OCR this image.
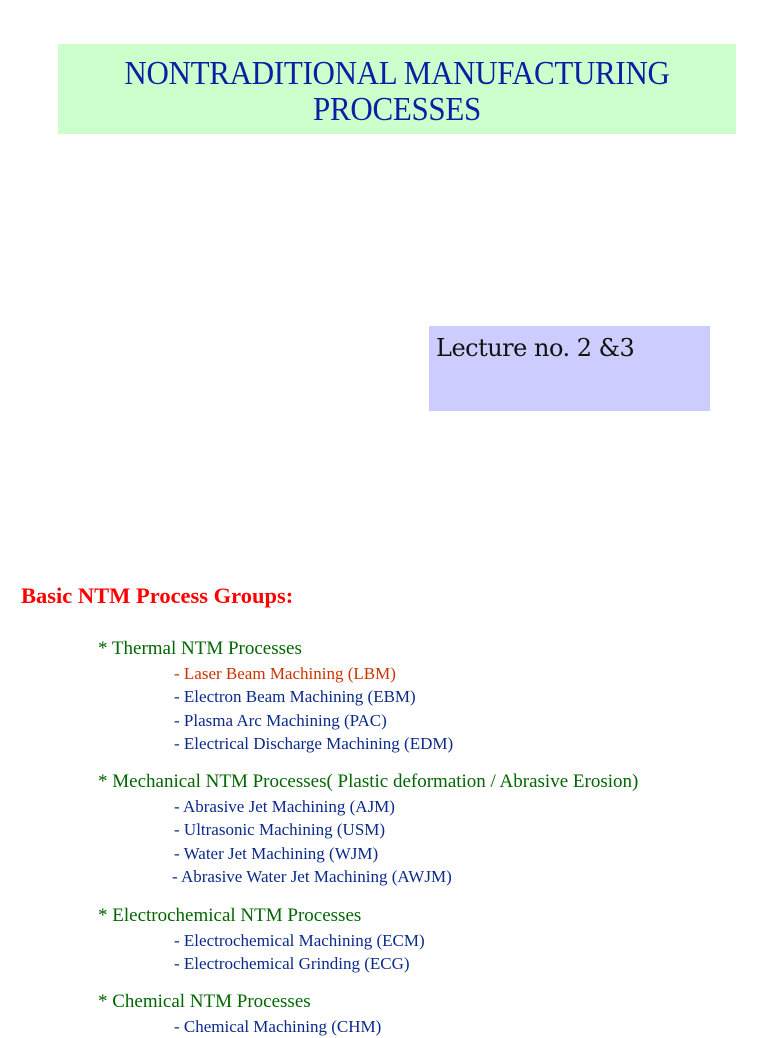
NONTRADITIONAL MANUFACTURING
PROCESSES
Lecture no. 2 &3
Basic NTM Process Groups:
* Thermal NTM Processes
- Laser Beam Machining (LBM)
- Electron Beam Machining (EBM)
- Plasma Arc Machining (PAC)
- Electrical Discharge Machining (EDM)
* Mechanical NTM Processes( Plastic deformation / Abrasive Erosion)
- Abrasive Jet Machining (AJM)
- Ultrasonic Machining (USM)
- Water Jet Machining (WJM)
- Abrasive Water Jet Machining (AWJM)
* Electrochemical NTM Processes
- Electrochemical Machining (ECM)
- Electrochemical Grinding (ECG)
* Chemical NTM Processes
- Chemical Machining (CHM)
